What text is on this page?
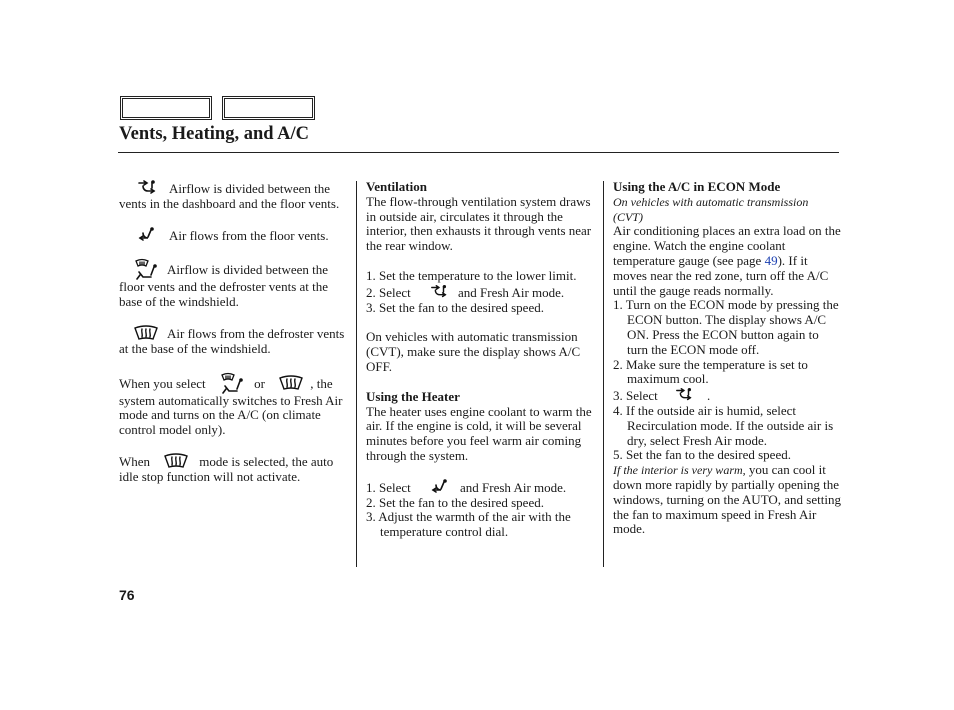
Vents, Heating, and A/C

Airflow is divided between the vents in the dashboard and the floor vents.

Air flows from the floor vents.

Airflow is divided between the floor vents and the defroster vents at the base of the windshield.

Air flows from the defroster vents at the base of the windshield.

When you select	or	, the system automatically switches to Fresh Air mode and turns on the A/C (on climate control model only).

When	mode is selected, the auto idle stop function will not activate.

Ventilation

The flow-through ventilation system draws in outside air, circulates it through the interior, then exhausts it through vents near the rear window.

1. Set the temperature to the lower limit.

2. Select	and Fresh Air mode.

3. Set the fan to the desired speed.

On vehicles with automatic transmission (CVT), make sure the display shows A/C OFF.

Using the Heater

The heater uses engine coolant to warm the air. If the engine is cold, it will be several minutes before you feel warm air coming through the system.

1. Select	and Fresh Air mode.

2. Set the fan to the desired speed.

3. Adjust the warmth of the air with the temperature control dial.

Using the A/C in ECON Mode

On vehicles with automatic transmission (CVT)

Air conditioning places an extra load on the engine. Watch the engine coolant temperature gauge (see page 49). If it moves near the red zone, turn off the A/C until the gauge reads normally.

1. Turn on the ECON mode by pressing the ECON button. The display shows A/C ON. Press the ECON button again to turn the ECON mode off.

2. Make sure the temperature is set to maximum cool.

3. Select	.

4. If the outside air is humid, select Recirculation mode. If the outside air is dry, select Fresh Air mode.

5. Set the fan to the desired speed.

If the interior is very warm, you can cool it down more rapidly by partially opening the windows, turning on the AUTO, and setting the fan to maximum speed in Fresh Air mode.

76
